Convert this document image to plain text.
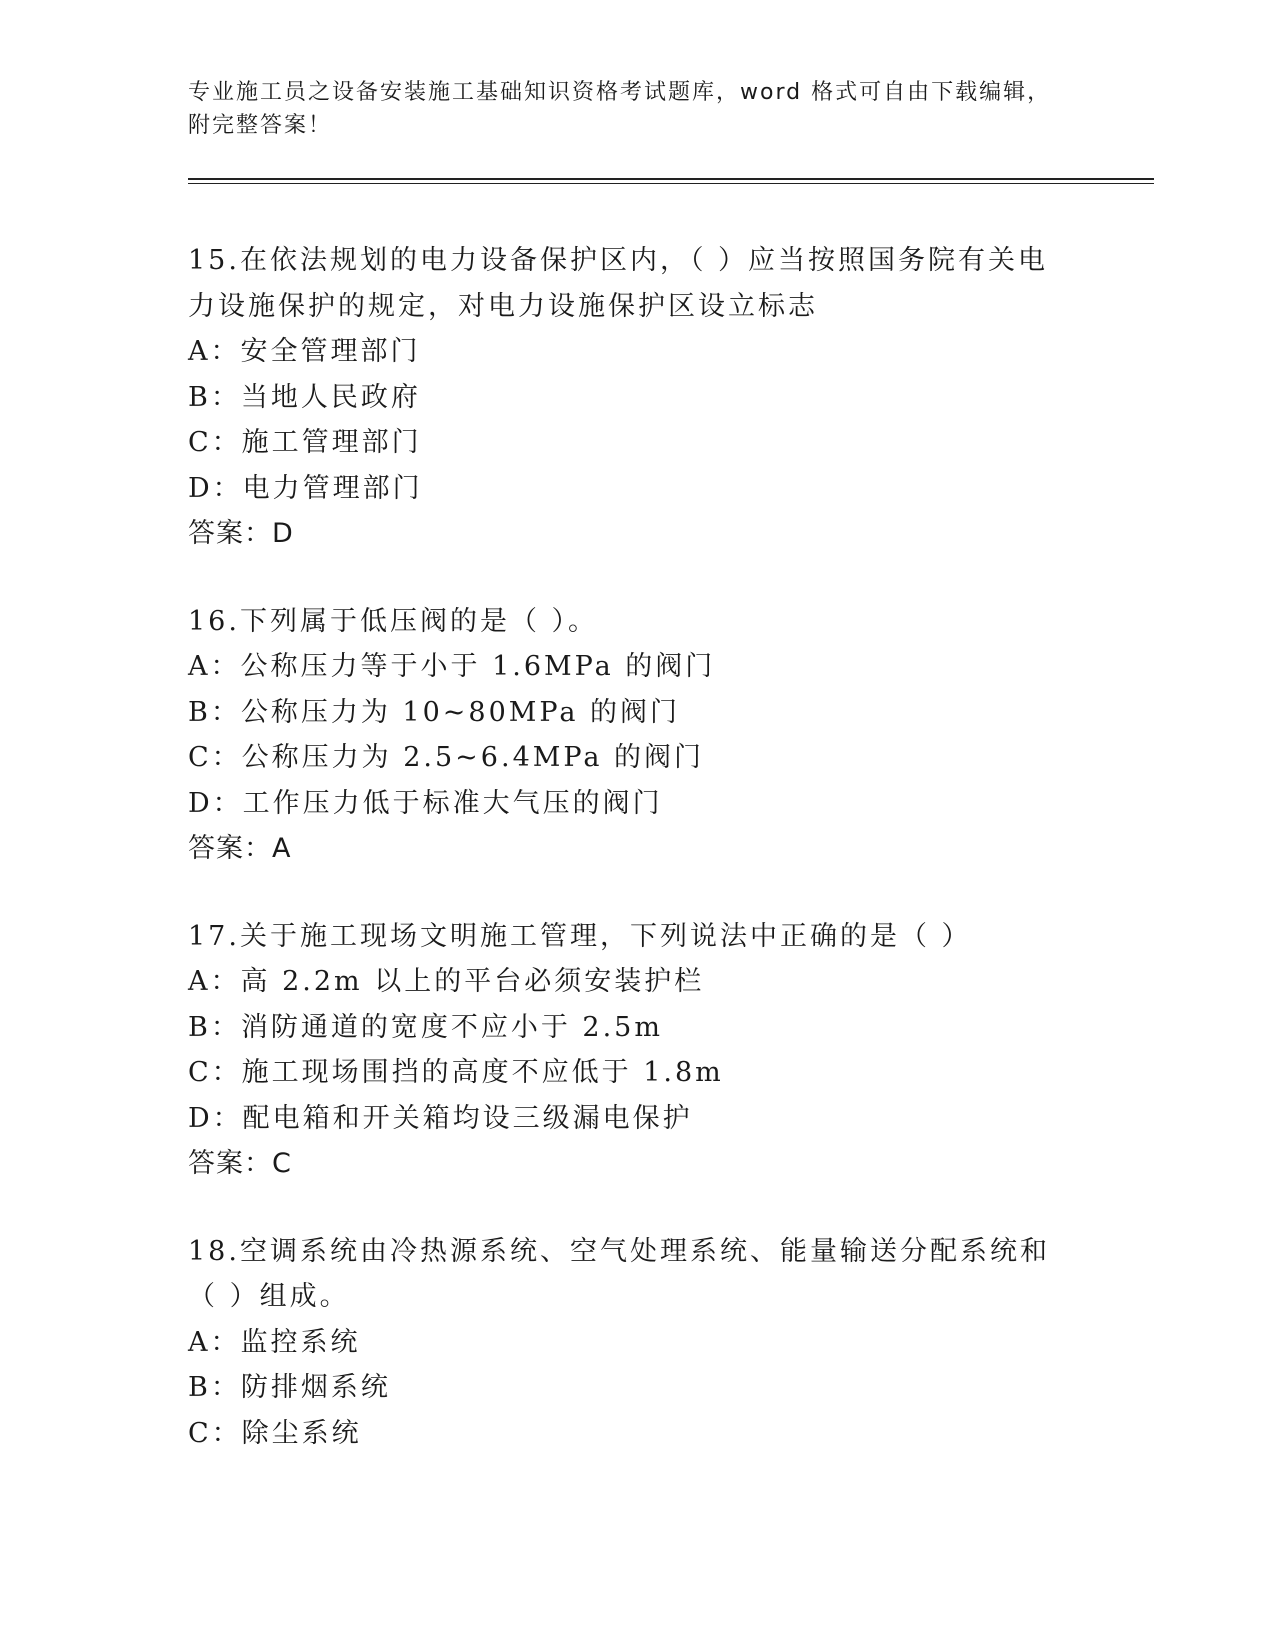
专业施工员之设备安装施工基础知识资格考试题库，word 格式可自由下载编辑，
附完整答案！

15.在依法规划的电力设备保护区内，（ ）应当按照国务院有关电力设施保护的规定，对电力设施保护区设立标志

A：安全管理部门

B：当地人民政府

C：施工管理部门

D：电力管理部门

答案：D

16.下列属于低压阀的是（ ）。

A：公称压力等于小于 1.6MPa 的阀门

B：公称压力为 10~80MPa 的阀门

C：公称压力为 2.5~6.4MPa 的阀门

D：工作压力低于标准大气压的阀门

答案：A

17.关于施工现场文明施工管理，下列说法中正确的是（ ）

A：高 2.2m 以上的平台必须安装护栏

B：消防通道的宽度不应小于 2.5m

C：施工现场围挡的高度不应低于 1.8m

D：配电箱和开关箱均设三级漏电保护

答案：C

18.空调系统由冷热源系统、空气处理系统、能量输送分配系统和（ ）组成。

A：监控系统

B：防排烟系统

C：除尘系统
